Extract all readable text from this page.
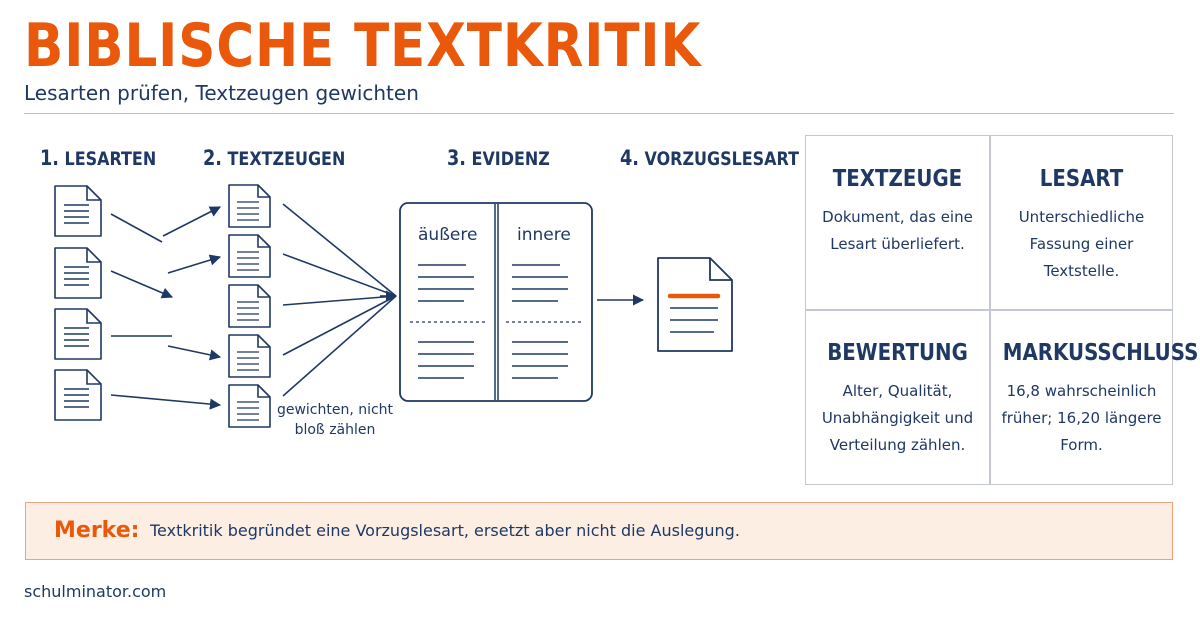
BIBLISCHE TEXTKRITIK
Lesarten prüfen, Textzeugen gewichten
1. LESARTEN 2. TEXTZEUGEN	3. EVIDENZ	4. VORZUGSLESART
äußere innere
gewichten, nicht bloß zählen
TEXTZEUGE

Dokument, das eine Lesart überliefert.

LESART

Unterschiedliche Fassung einer Textstelle.

BEWERTUNG

Alter, Qualität, Unabhängigkeit und Verteilung zählen.

MARKUSSCHLUSS

16,8 wahrscheinlich früher; 16,20 längere Form.

Merke: Textkritik begründet eine Vorzugslesart, ersetzt aber nicht die Auslegung.
schulminator.com
